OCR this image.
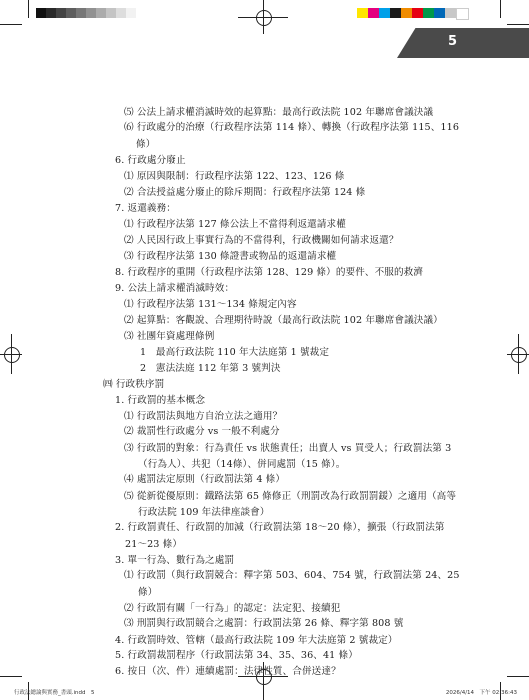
5
⑸ 公法上請求權消滅時效的起算點：最高行政法院 102 年聯席會議決議
⑹ 行政處分的治療（行政程序法第 114 條）、轉換（行政程序法第 115、116
條）
6. 行政處分廢止
⑴ 原因與限制：行政程序法第 122、123、126 條
⑵ 合法授益處分廢止的除斥期間：行政程序法第 124 條
7. 返還義務：
⑴ 行政程序法第 127 條公法上不當得利返還請求權
⑵ 人民因行政上事實行為的不當得利，行政機關如何請求返還？
⑶ 行政程序法第 130 條證書或物品的返還請求權
8. 行政程序的重開（行政程序法第 128、129 條）的要件、不服的救濟
9. 公法上請求權消滅時效：
⑴ 行政程序法第 131～134 條規定內容
⑵ 起算點：客觀說、合理期待時說（最高行政法院 102 年聯席會議決議）
⑶ 社團年資處理條例
1　最高行政法院 110 年大法庭第 1 號裁定
2　憲法法庭 112 年第 3 號判決
㈣ 行政秩序罰
1. 行政罰的基本概念
⑴ 行政罰法與地方自治立法之適用？
⑵ 裁罰性行政處分 vs 一般不利處分
⑶ 行政罰的對象：行為責任 vs 狀態責任；出賣人 vs 買受人；行政罰法第 3
（行為人）、共犯（14條）、併同處罰（15 條）。
⑷ 處罰法定原則（行政罰法第 4 條）
⑸ 從新從優原則：鐵路法第 65 條修正（刑罰改為行政罰罰鍰）之適用（高等
行政法院 109 年法律座談會）
2. 行政罰責任、行政罰的加減（行政罰法第 18～20 條），擴張（行政罰法第
21～23 條）
3. 單一行為、數行為之處罰
⑴ 行政罰（與行政罰競合：釋字第 503、604、754 號，行政罰法第 24、25
條）
⑵ 行政罰有關「一行為」的認定：法定犯、接續犯
⑶ 刑罰與行政罰競合之處罰：行政罰法第 26 條、釋字第 808 號
4. 行政罰時效、管轄（最高行政法院 109 年大法庭第 2 號裁定）
5. 行政罰裁罰程序（行政罰法第 34、35、36、41 條）
6. 按日（次、件）連續處罰：法律性質、合併送達？
行政法總論與實務_書頭.indd　5	2026/4/14　下午 02:36:43
